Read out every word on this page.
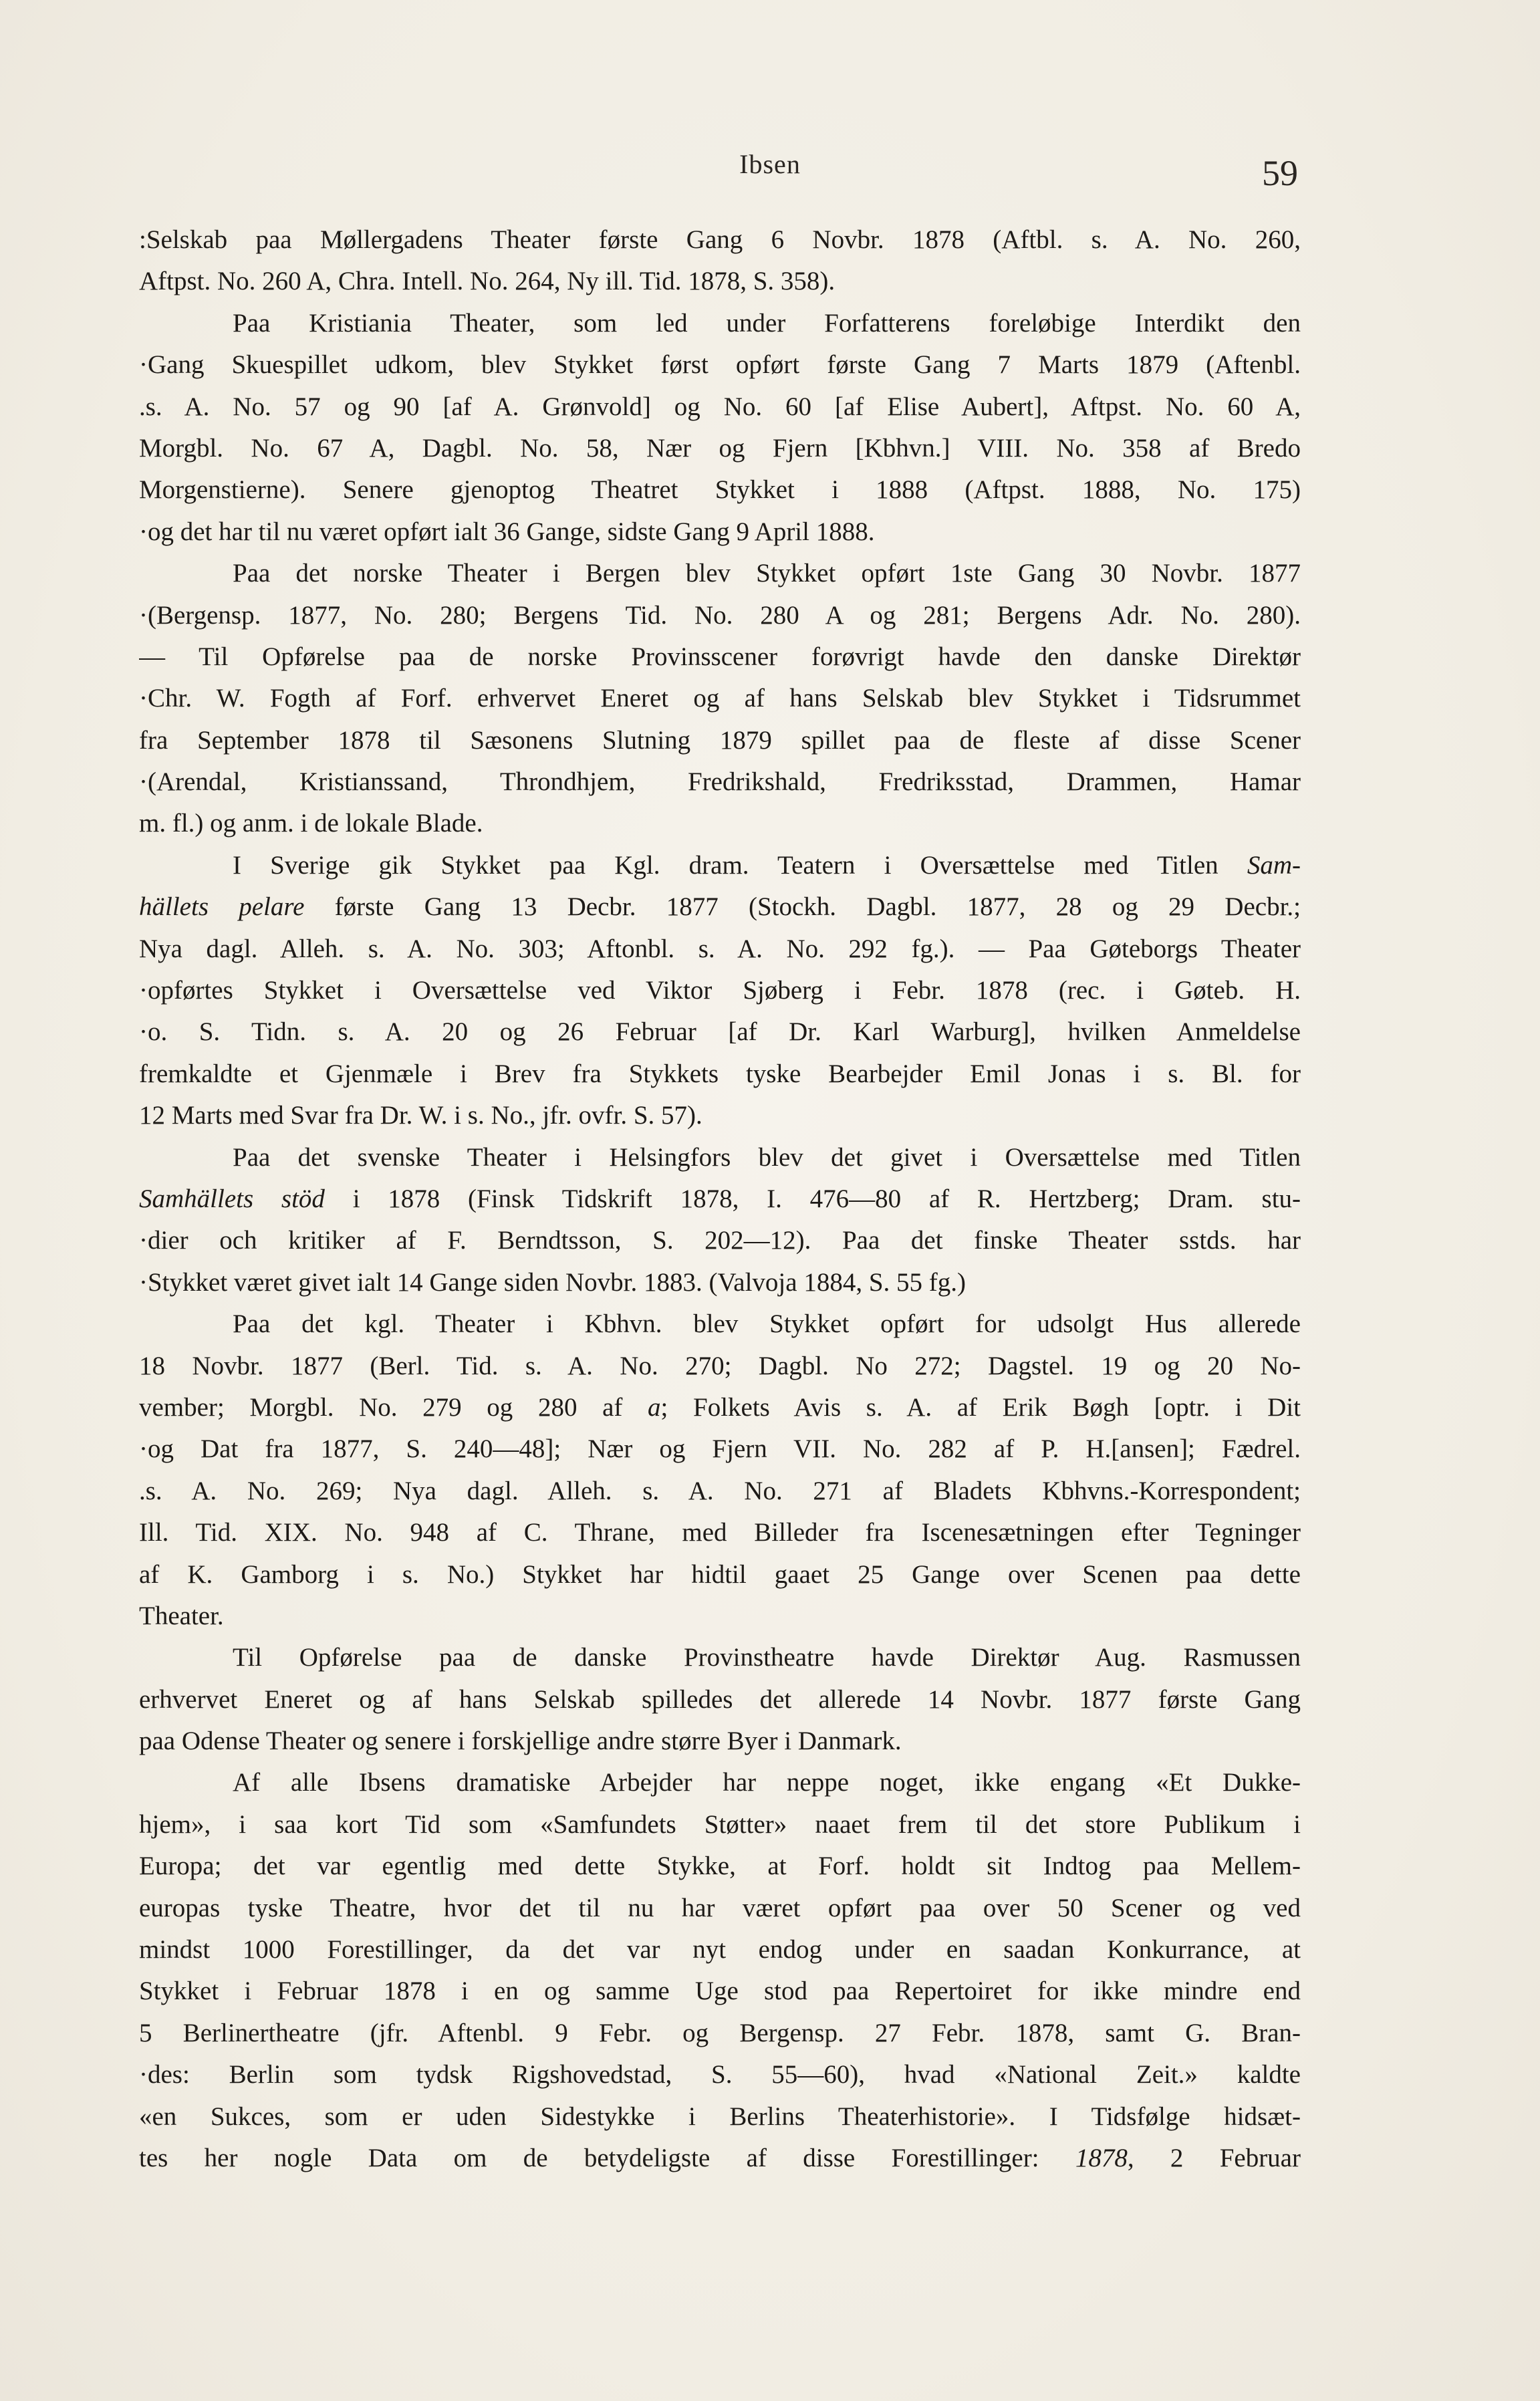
Ibsen	59
:Selskab paa Møllergadens Theater første Gang 6 Novbr. 1878 (Aftbl. s. A. No. 260,
Aftpst. No. 260 A, Chra. Intell. No. 264, Ny ill. Tid. 1878, S. 358).
Paa Kristiania Theater, som led under Forfatterens foreløbige Interdikt den
·Gang Skuespillet udkom, blev Stykket først opført første Gang 7 Marts 1879 (Aftenbl.
.s. A. No. 57 og 90 [af A. Grønvold] og No. 60 [af Elise Aubert], Aftpst. No. 60 A,
Morgbl. No. 67 A, Dagbl. No. 58, Nær og Fjern [Kbhvn.] VIII. No. 358 af Bredo
Morgenstierne). Senere gjenoptog Theatret Stykket i 1888 (Aftpst. 1888, No. 175)
·og det har til nu været opført ialt 36 Gange, sidste Gang 9 April 1888.
Paa det norske Theater i Bergen blev Stykket opført 1ste Gang 30 Novbr. 1877
·(Bergensp. 1877, No. 280; Bergens Tid. No. 280 A og 281; Bergens Adr. No. 280).
— Til Opførelse paa de norske Provinsscener forøvrigt havde den danske Direktør
·Chr. W. Fogth af Forf. erhvervet Eneret og af hans Selskab blev Stykket i Tidsrummet
fra September 1878 til Sæsonens Slutning 1879 spillet paa de fleste af disse Scener
·(Arendal, Kristianssand, Throndhjem, Fredrikshald, Fredriksstad, Drammen, Hamar
m. fl.) og anm. i de lokale Blade.
I Sverige gik Stykket paa Kgl. dram. Teatern i Oversættelse med Titlen Sam-
hällets pelare første Gang 13 Decbr. 1877 (Stockh. Dagbl. 1877, 28 og 29 Decbr.;
Nya dagl. Alleh. s. A. No. 303; Aftonbl. s. A. No. 292 fg.). — Paa Gøteborgs Theater
·opførtes Stykket i Oversættelse ved Viktor Sjøberg i Febr. 1878 (rec. i Gøteb. H.
·o. S. Tidn. s. A. 20 og 26 Februar [af Dr. Karl Warburg], hvilken Anmeldelse
fremkaldte et Gjenmæle i Brev fra Stykkets tyske Bearbejder Emil Jonas i s. Bl. for
12 Marts med Svar fra Dr. W. i s. No., jfr. ovfr. S. 57).
Paa det svenske Theater i Helsingfors blev det givet i Oversættelse med Titlen
Samhällets stöd i 1878 (Finsk Tidskrift 1878, I. 476—80 af R. Hertzberg; Dram. stu-
·dier och kritiker af F. Berndtsson, S. 202—12). Paa det finske Theater sstds. har
·Stykket været givet ialt 14 Gange siden Novbr. 1883. (Valvoja 1884, S. 55 fg.)
Paa det kgl. Theater i Kbhvn. blev Stykket opført for udsolgt Hus allerede
18 Novbr. 1877 (Berl. Tid. s. A. No. 270; Dagbl. No 272; Dagstel. 19 og 20 No-
vember; Morgbl. No. 279 og 280 af a; Folkets Avis s. A. af Erik Bøgh [optr. i Dit
·og Dat fra 1877, S. 240—48]; Nær og Fjern VII. No. 282 af P. H.[ansen]; Fædrel.
.s. A. No. 269; Nya dagl. Alleh. s. A. No. 271 af Bladets Kbhvns.-Korrespondent;
Ill. Tid. XIX. No. 948 af C. Thrane, med Billeder fra Iscenesætningen efter Tegninger
af K. Gamborg i s. No.) Stykket har hidtil gaaet 25 Gange over Scenen paa dette
Theater.
Til Opførelse paa de danske Provinstheatre havde Direktør Aug. Rasmussen
erhvervet Eneret og af hans Selskab spilledes det allerede 14 Novbr. 1877 første Gang
paa Odense Theater og senere i forskjellige andre større Byer i Danmark.
Af alle Ibsens dramatiske Arbejder har neppe noget, ikke engang «Et Dukke-
hjem», i saa kort Tid som «Samfundets Støtter» naaet frem til det store Publikum i
Europa; det var egentlig med dette Stykke, at Forf. holdt sit Indtog paa Mellem-
europas tyske Theatre, hvor det til nu har været opført paa over 50 Scener og ved
mindst 1000 Forestillinger, da det var nyt endog under en saadan Konkurrance, at
Stykket i Februar 1878 i en og samme Uge stod paa Repertoiret for ikke mindre end
5 Berlinertheatre (jfr. Aftenbl. 9 Febr. og Bergensp. 27 Febr. 1878, samt G. Bran-
·des: Berlin som tydsk Rigshovedstad, S. 55—60), hvad «National Zeit.» kaldte
«en Sukces, som er uden Sidestykke i Berlins Theaterhistorie». I Tidsfølge hidsæt-
tes her nogle Data om de betydeligste af disse Forestillinger: 1878, 2 Februar
